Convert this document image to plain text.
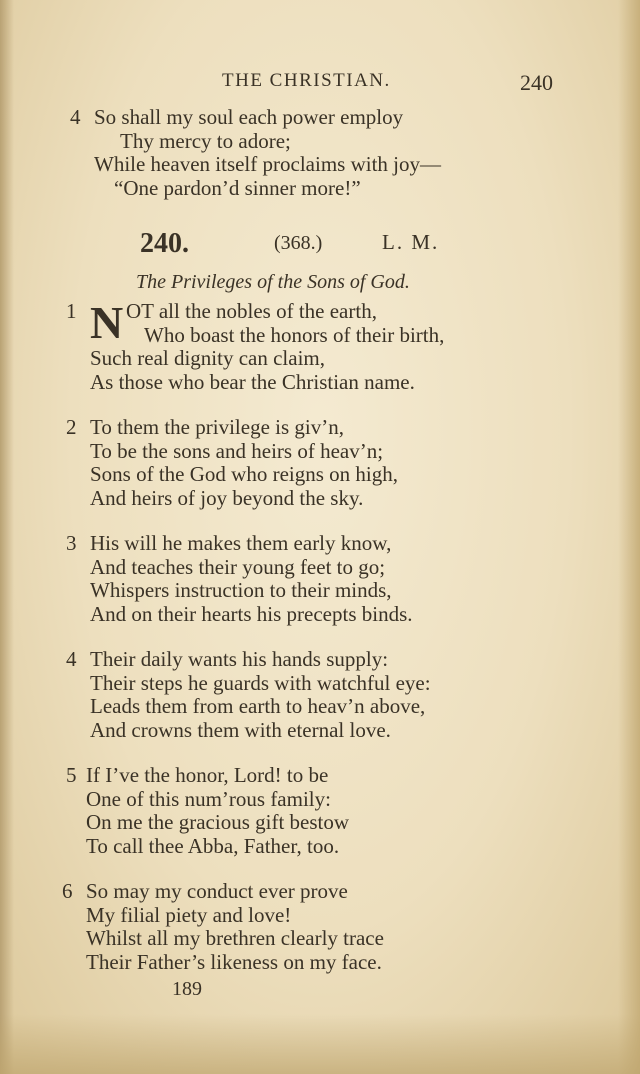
THE CHRISTIAN.	240
4 So shall my soul each power employ
Thy mercy to adore;
While heaven itself proclaims with joy—
“One pardon’d sinner more!”
240.	(368.)	L. M.
The Privileges of the Sons of God.
N
1 OT all the nobles of the earth,
Who boast the honors of their birth,
Such real dignity can claim,
As those who bear the Christian name.
2 To them the privilege is giv’n,
To be the sons and heirs of heav’n;
Sons of the God who reigns on high,
And heirs of joy beyond the sky.
3 His will he makes them early know,
And teaches their young feet to go;
Whispers instruction to their minds,
And on their hearts his precepts binds.
4 Their daily wants his hands supply:
Their steps he guards with watchful eye:
Leads them from earth to heav’n above,
And crowns them with eternal love.
5 If I’ve the honor, Lord! to be
One of this num’rous family:
On me the gracious gift bestow
To call thee Abba, Father, too.
6 So may my conduct ever prove
My filial piety and love!
Whilst all my brethren clearly trace
Their Father’s likeness on my face.
189
